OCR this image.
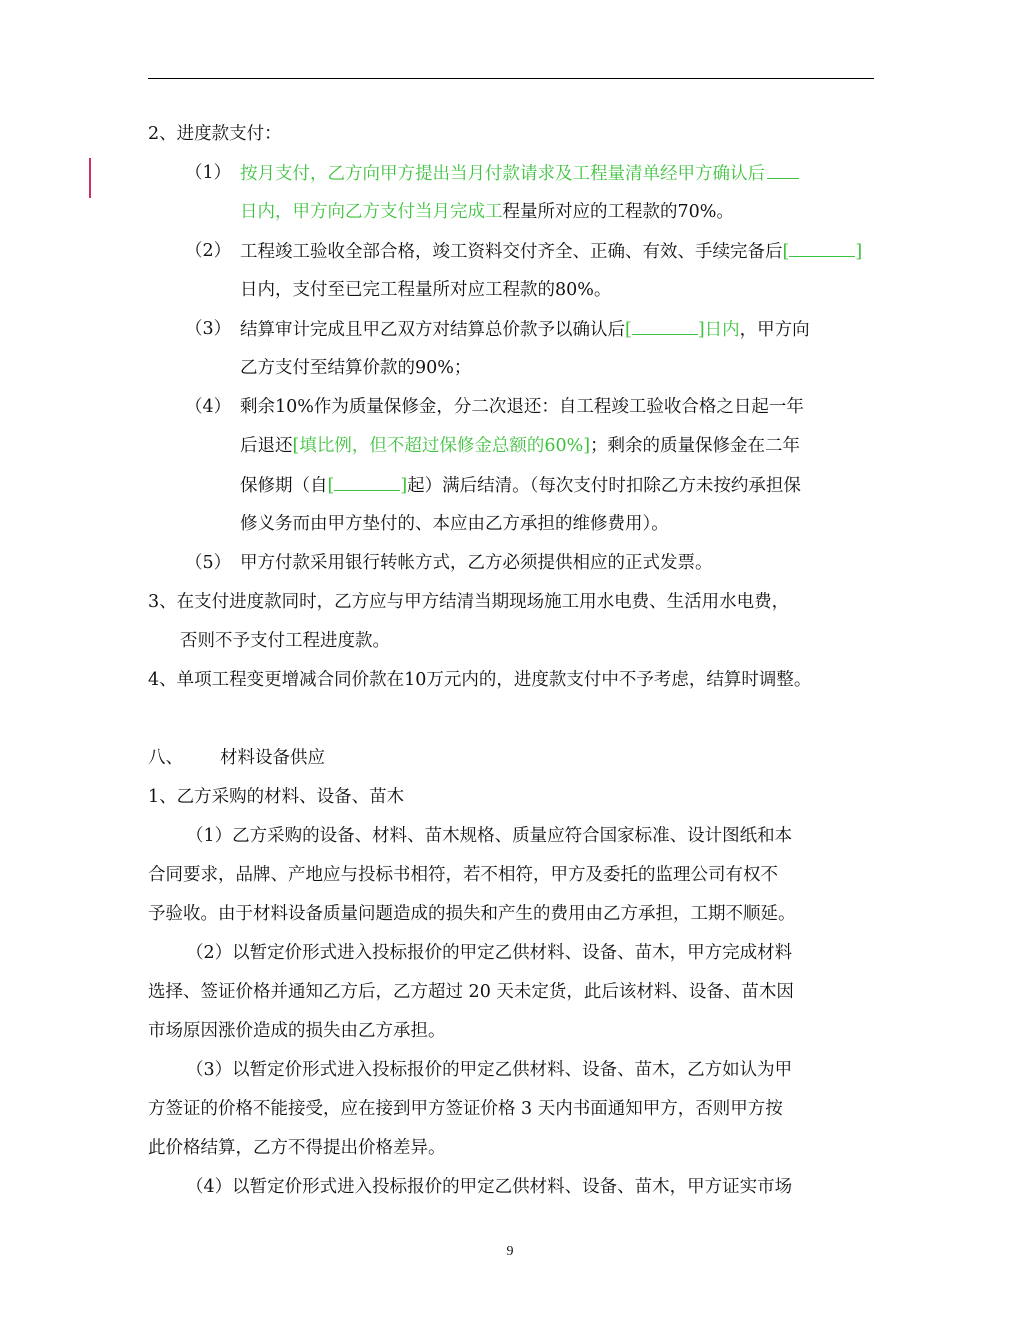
2、进度款支付：
（1） 按月支付，乙方向甲方提出当月付款请求及工程量清单经甲方确认后
日内，甲方向乙方支付当月完成工程量所对应的工程款的70%。
（2） 工程竣工验收全部合格，竣工资料交付齐全、正确、有效、手续完备后[	]
日内，支付至已完工程量所对应工程款的80%。
（3） 结算审计完成且甲乙双方对结算总价款予以确认后[	]日内，甲方向
乙方支付至结算价款的90%；
（4） 剩余10%作为质量保修金，分二次退还：自工程竣工验收合格之日起一年
后退还[填比例，但不超过保修金总额的60%]；剩余的质量保修金在二年
保修期（自[	]起）满后结清。（每次支付时扣除乙方未按约承担保
修义务而由甲方垫付的、本应由乙方承担的维修费用）。
（5） 甲方付款采用银行转帐方式，乙方必须提供相应的正式发票。
3、在支付进度款同时，乙方应与甲方结清当期现场施工用水电费、生活用水电费，
否则不予支付工程进度款。
4、单项工程变更增减合同价款在10万元内的，进度款支付中不予考虑，结算时调整。
八、 材料设备供应
1、乙方采购的材料、设备、苗木
（1）乙方采购的设备、材料、苗木规格、质量应符合国家标准、设计图纸和本
合同要求，品牌、产地应与投标书相符，若不相符，甲方及委托的监理公司有权不
予验收。由于材料设备质量问题造成的损失和产生的费用由乙方承担，工期不顺延。
（2）以暂定价形式进入投标报价的甲定乙供材料、设备、苗木，甲方完成材料
选择、签证价格并通知乙方后，乙方超过 20 天未定货，此后该材料、设备、苗木因
市场原因涨价造成的损失由乙方承担。
（3）以暂定价形式进入投标报价的甲定乙供材料、设备、苗木，乙方如认为甲
方签证的价格不能接受，应在接到甲方签证价格 3 天内书面通知甲方，否则甲方按
此价格结算，乙方不得提出价格差异。
（4）以暂定价形式进入投标报价的甲定乙供材料、设备、苗木，甲方证实市场
9
